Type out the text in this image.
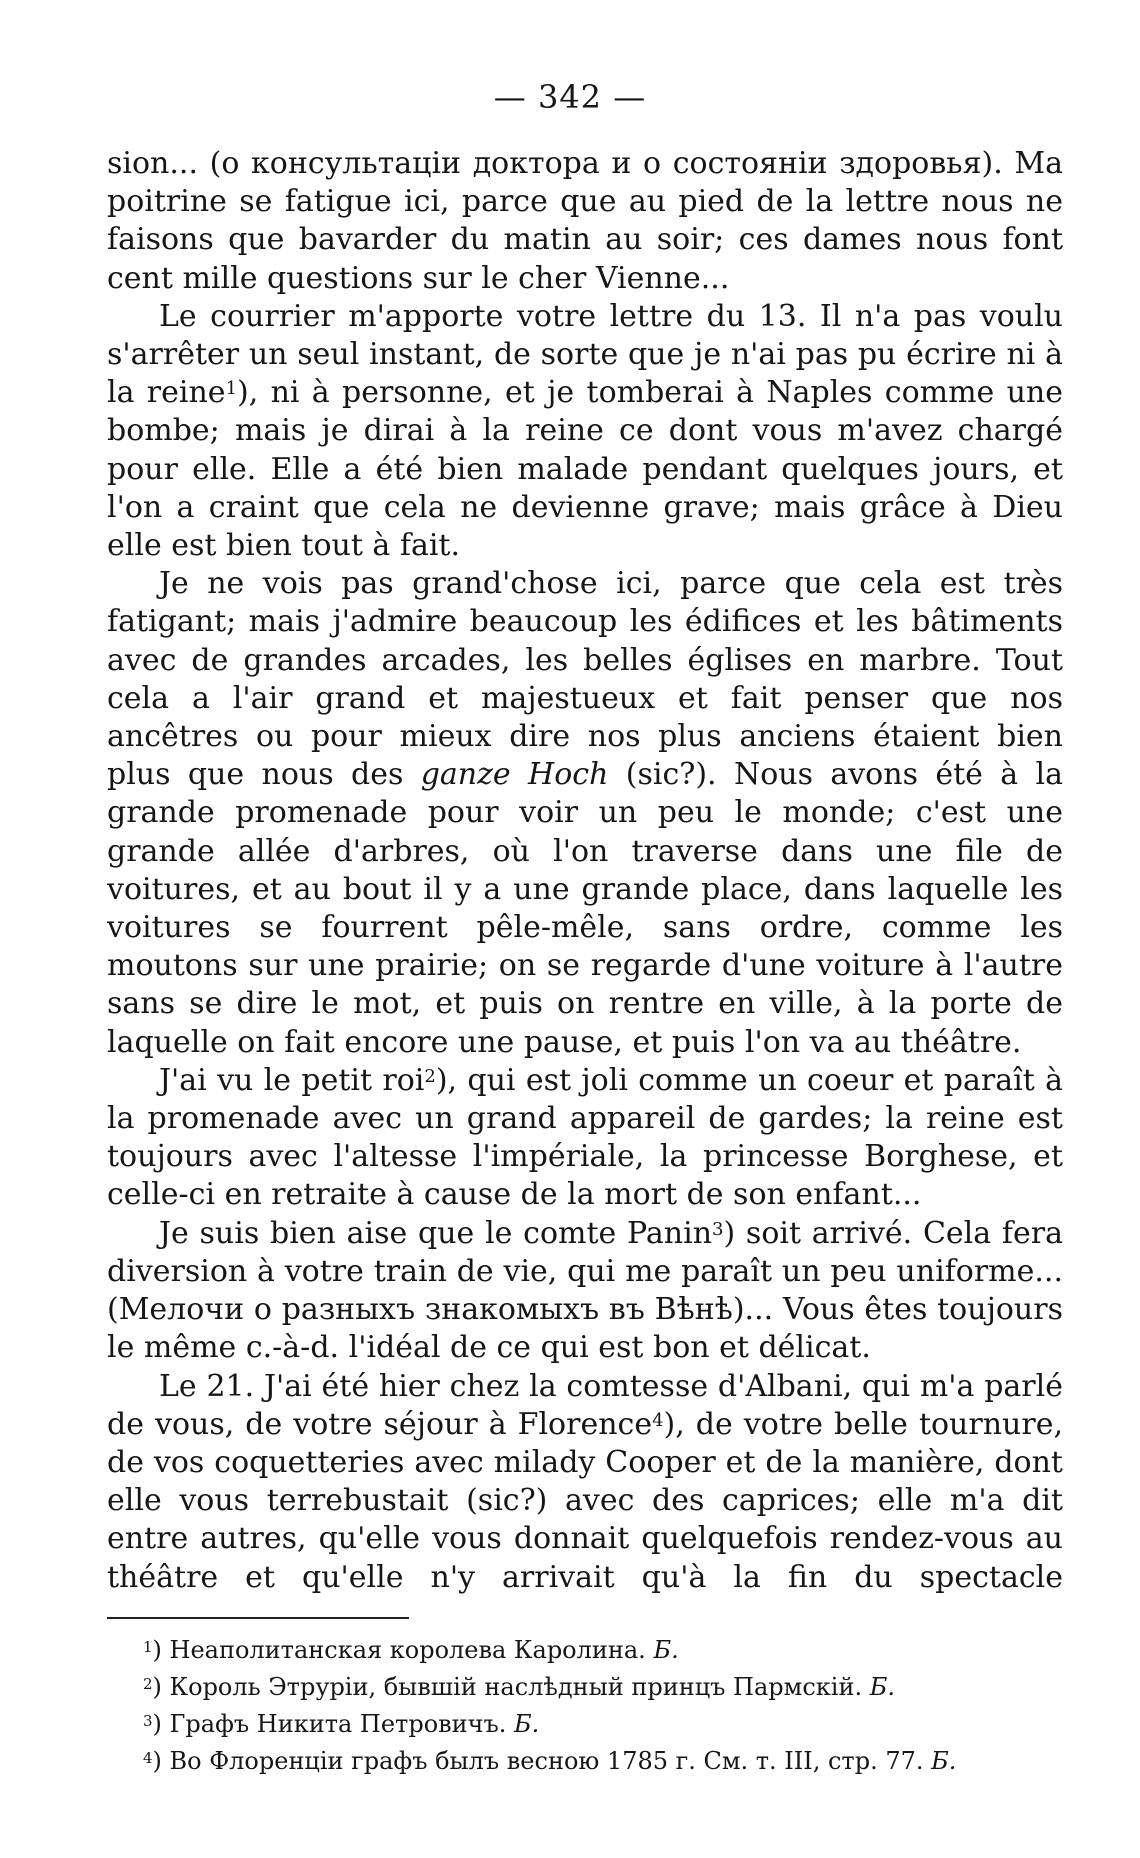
— 342 —

sion... (о консультаціи доктора и о состояніи здоровья). Ma poitrine se fatigue ici, parce que au pied de la lettre nous ne faisons que bavarder du matin au soir; ces dames nous font cent mille questions sur le cher Vienne...

Le courrier m'apporte votre lettre du 13. Il n'a pas voulu s'arrêter un seul instant, de sorte que je n'ai pas pu écrire ni à la reine$^1$), ni à personne, et je tomberai à Naples comme une bombe; mais je dirai à la reine ce dont vous m'avez chargé pour elle. Elle a été bien malade pendant quelques jours, et l'on a craint que cela ne devienne grave; mais grâce à Dieu elle est bien tout à fait.

Je ne vois pas grand'chose ici, parce que cela est très fatigant; mais j'admire beaucoup les édifices et les bâtiments avec de grandes arcades, les belles églises en marbre. Tout cela a l'air grand et majestueux et fait penser que nos ancêtres ou pour mieux dire nos plus anciens étaient bien plus que nous des ganze Hoch (sic?). Nous avons été à la grande promenade pour voir un peu le monde; c'est une grande allée d'arbres, où l'on traverse dans une file de voitures, et au bout il y a une grande place, dans laquelle les voitures se fourrent pêle-mêle, sans ordre, comme les moutons sur une prairie; on se regarde d'une voiture à l'autre sans se dire le mot, et puis on rentre en ville, à la porte de laquelle on fait encore une pause, et puis l'on va au théâtre.

J'ai vu le petit roi$^2$), qui est joli comme un coeur et paraît à la promenade avec un grand appareil de gardes; la reine est toujours avec l'altesse l'impériale, la princesse Borghese, et celle-ci en retraite à cause de la mort de son enfant...

Je suis bien aise que le comte Panin$^3$) soit arrivé. Cela fera diversion à votre train de vie, qui me paraît un peu uniforme... (Мелочи о разныхъ знакомыхъ въ Вѣнѣ)... Vous êtes toujours le même c.-à-d. l'idéal de ce qui est bon et délicat.

Le 21. J'ai été hier chez la comtesse d'Albani, qui m'a parlé de vous, de votre séjour à Florence$^4$), de votre belle tournure, de vos coquetteries avec milady Cooper et de la manière, dont elle vous terrebustait (sic?) avec des caprices; elle m'a dit entre autres, qu'elle vous donnait quelquefois rendez-vous au théâtre et qu'elle n'y arrivait qu'à la fin du spectacle

$^1$) Неаполитанская королева Каролина. Б.

$^2$) Король Этруріи, бывшій наслѣдный принцъ Пармскій. Б.

$^3$) Графъ Никита Петровичъ. Б.

$^4$) Во Флоренціи графъ былъ весною 1785 г. См. т. III, стр. 77. Б.
